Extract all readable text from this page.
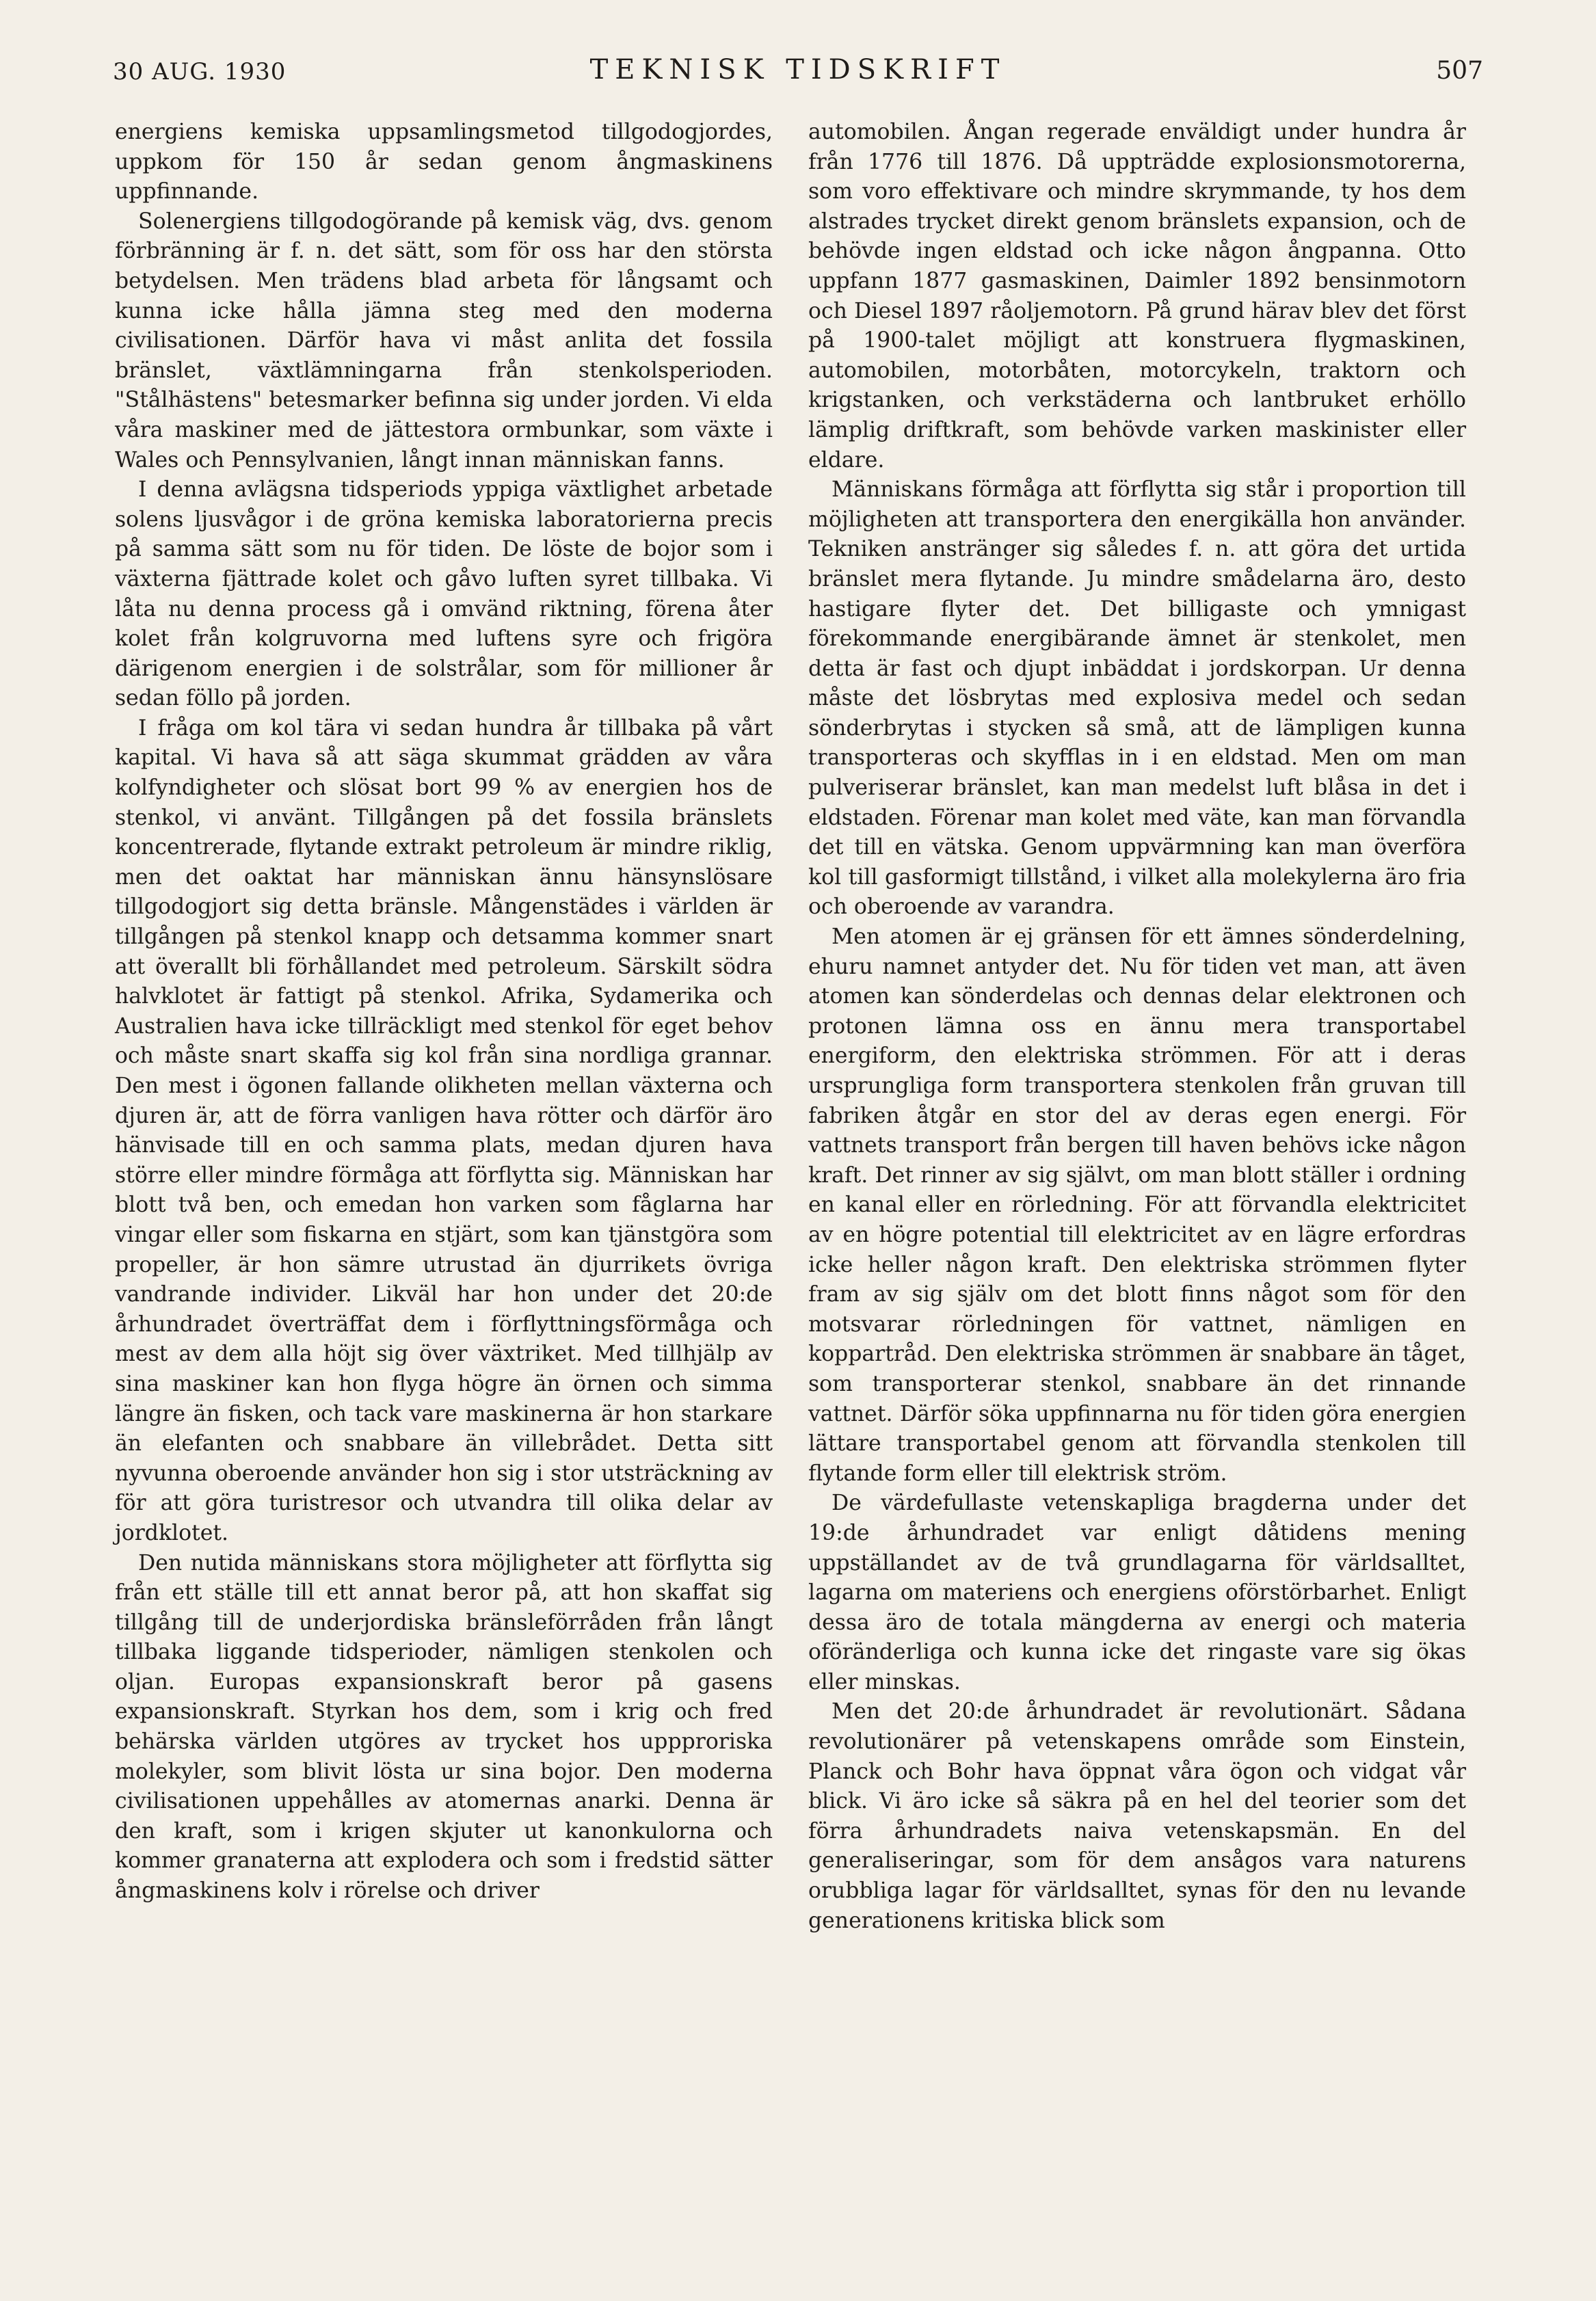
30 AUG. 1930	TEKNISK TIDSKRIFT	507

energiens kemiska uppsamlingsmetod tillgodogjordes, uppkom för 150 år sedan genom ångmaskinens uppfinnande.

Solenergiens tillgodogörande på kemisk väg, dvs. genom förbränning är f. n. det sätt, som för oss har den största betydelsen. Men trädens blad arbeta för långsamt och kunna icke hålla jämna steg med den moderna civilisationen. Därför hava vi måst anlita det fossila bränslet, växtlämningarna från stenkolsperioden. "Stålhästens" betesmarker befinna sig under jorden. Vi elda våra maskiner med de jättestora ormbunkar, som växte i Wales och Pennsylvanien, långt innan människan fanns.

I denna avlägsna tidsperiods yppiga växtlighet arbetade solens ljusvågor i de gröna kemiska laboratorierna precis på samma sätt som nu för tiden. De löste de bojor som i växterna fjättrade kolet och gåvo luften syret tillbaka. Vi låta nu denna process gå i omvänd riktning, förena åter kolet från kolgruvorna med luftens syre och frigöra därigenom energien i de solstrålar, som för millioner år sedan föllo på jorden.

I fråga om kol tära vi sedan hundra år tillbaka på vårt kapital. Vi hava så att säga skummat grädden av våra kolfyndigheter och slösat bort 99 % av energien hos de stenkol, vi använt. Tillgången på det fossila bränslets koncentrerade, flytande extrakt petroleum är mindre riklig, men det oaktat har människan ännu hänsynslösare tillgodogjort sig detta bränsle. Mångenstädes i världen är tillgången på stenkol knapp och detsamma kommer snart att överallt bli förhållandet med petroleum. Särskilt södra halvklotet är fattigt på stenkol. Afrika, Sydamerika och Australien hava icke tillräckligt med stenkol för eget behov och måste snart skaffa sig kol från sina nordliga grannar. Den mest i ögonen fallande olikheten mellan växterna och djuren är, att de förra vanligen hava rötter och därför äro hänvisade till en och samma plats, medan djuren hava större eller mindre förmåga att förflytta sig. Människan har blott två ben, och emedan hon varken som fåglarna har vingar eller som fiskarna en stjärt, som kan tjänstgöra som propeller, är hon sämre utrustad än djurrikets övriga vandrande individer. Likväl har hon under det 20:de århundradet överträffat dem i förflyttningsförmåga och mest av dem alla höjt sig över växtriket. Med tillhjälp av sina maskiner kan hon flyga högre än örnen och simma längre än fisken, och tack vare maskinerna är hon starkare än elefanten och snabbare än villebrådet. Detta sitt nyvunna oberoende använder hon sig i stor utsträckning av för att göra turistresor och utvandra till olika delar av jordklotet.

Den nutida människans stora möjligheter att förflytta sig från ett ställe till ett annat beror på, att hon skaffat sig tillgång till de underjordiska bränsleförråden från långt tillbaka liggande tidsperioder, nämligen stenkolen och oljan. Europas expansionskraft beror på gasens expansionskraft. Styrkan hos dem, som i krig och fred behärska världen utgöres av trycket hos uppproriska molekyler, som blivit lösta ur sina bojor. Den moderna civilisationen uppehålles av atomernas anarki. Denna är den kraft, som i krigen skjuter ut kanonkulorna och kommer granaterna att explodera och som i fredstid sätter ångmaskinens kolv i rörelse och driver

automobilen. Ångan regerade enväldigt under hundra år från 1776 till 1876. Då uppträdde explosionsmotorerna, som voro effektivare och mindre skrymmande, ty hos dem alstrades trycket direkt genom bränslets expansion, och de behövde ingen eldstad och icke någon ångpanna. Otto uppfann 1877 gasmaskinen, Daimler 1892 bensinmotorn och Diesel 1897 råoljemotorn. På grund härav blev det först på 1900-talet möjligt att konstruera flygmaskinen, automobilen, motorbåten, motorcykeln, traktorn och krigstanken, och verkstäderna och lantbruket erhöllo lämplig driftkraft, som behövde varken maskinister eller eldare.

Människans förmåga att förflytta sig står i proportion till möjligheten att transportera den energikälla hon använder. Tekniken anstränger sig således f. n. att göra det urtida bränslet mera flytande. Ju mindre smådelarna äro, desto hastigare flyter det. Det billigaste och ymnigast förekommande energibärande ämnet är stenkolet, men detta är fast och djupt inbäddat i jordskorpan. Ur denna måste det lösbrytas med explosiva medel och sedan sönderbrytas i stycken så små, att de lämpligen kunna transporteras och skyfflas in i en eldstad. Men om man pulveriserar bränslet, kan man medelst luft blåsa in det i eldstaden. Förenar man kolet med väte, kan man förvandla det till en vätska. Genom uppvärmning kan man överföra kol till gasformigt tillstånd, i vilket alla molekylerna äro fria och oberoende av varandra.

Men atomen är ej gränsen för ett ämnes sönderdelning, ehuru namnet antyder det. Nu för tiden vet man, att även atomen kan sönderdelas och dennas delar elektronen och protonen lämna oss en ännu mera transportabel energiform, den elektriska strömmen. För att i deras ursprungliga form transportera stenkolen från gruvan till fabriken åtgår en stor del av deras egen energi. För vattnets transport från bergen till haven behövs icke någon kraft. Det rinner av sig självt, om man blott ställer i ordning en kanal eller en rörledning. För att förvandla elektricitet av en högre potential till elektricitet av en lägre erfordras icke heller någon kraft. Den elektriska strömmen flyter fram av sig själv om det blott finns något som för den motsvarar rörledningen för vattnet, nämligen en koppartråd. Den elektriska strömmen är snabbare än tåget, som transporterar stenkol, snabbare än det rinnande vattnet. Därför söka uppfinnarna nu för tiden göra energien lättare transportabel genom att förvandla stenkolen till flytande form eller till elektrisk ström.

De värdefullaste vetenskapliga bragderna under det 19:de århundradet var enligt dåtidens mening uppställandet av de två grundlagarna för världsalltet, lagarna om materiens och energiens oförstörbarhet. Enligt dessa äro de totala mängderna av energi och materia oföränderliga och kunna icke det ringaste vare sig ökas eller minskas.

Men det 20:de århundradet är revolutionärt. Sådana revolutionärer på vetenskapens område som Einstein, Planck och Bohr hava öppnat våra ögon och vidgat vår blick. Vi äro icke så säkra på en hel del teorier som det förra århundradets naiva vetenskapsmän. En del generaliseringar, som för dem ansågos vara naturens orubbliga lagar för världsalltet, synas för den nu levande generationens kritiska blick som
